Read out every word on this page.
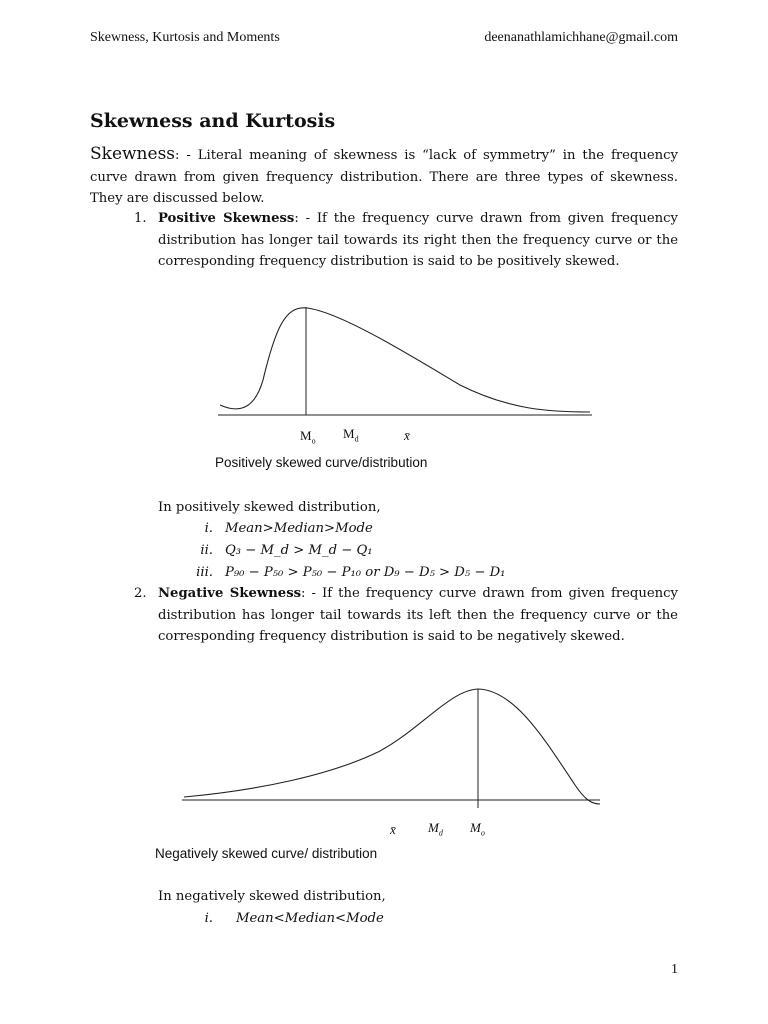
Skewness, Kurtosis and Moments	deenanathlamichhane@gmail.com
Skewness and Kurtosis
Skewness: - Literal meaning of skewness is “lack of symmetry” in the frequency curve drawn from given frequency distribution. There are three types of skewness. They are discussed below.
1. Positive Skewness: - If the frequency curve drawn from given frequency distribution has longer tail towards its right then the frequency curve or the corresponding frequency distribution is said to be positively skewed.
$M_o$
$M_d$	x̄
Positively skewed curve/distribution
In positively skewed distribution,
i. Mean>Median>Mode
ii. Q₃ − M_d > M_d − Q₁
iii. P₉₀ − P₅₀ > P₅₀ − P₁₀ or D₉ − D₅ > D₅ − D₁
2. Negative Skewness: - If the frequency curve drawn from given frequency distribution has longer tail towards its left then the frequency curve or the corresponding frequency distribution is said to be negatively skewed.
x̄ $M_d$ $M_o$
Negatively skewed curve/ distribution
In negatively skewed distribution,
i. Mean<Median<Mode
1
